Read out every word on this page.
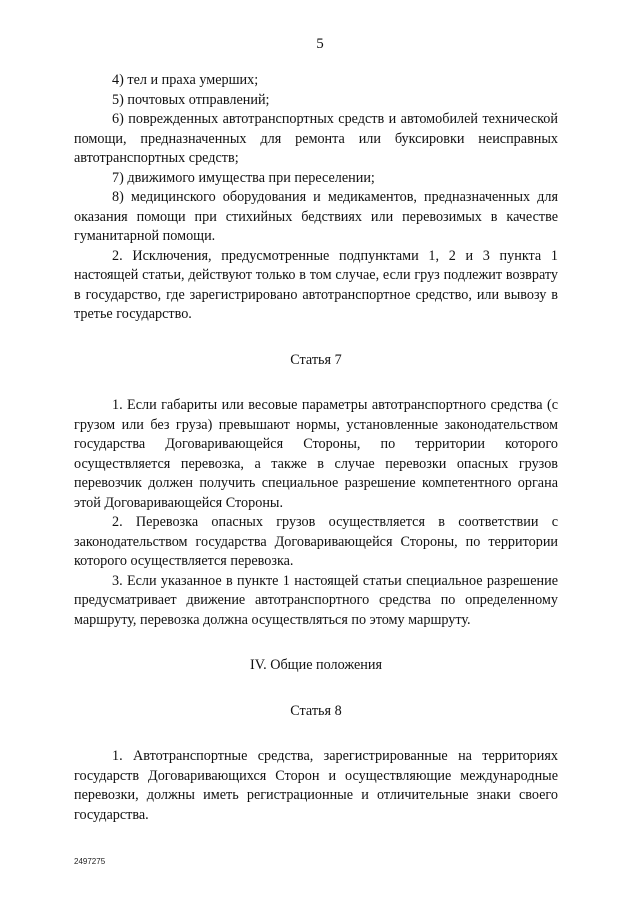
5

4) тел и праха умерших;

5) почтовых отправлений;

6) поврежденных автотранспортных средств и автомобилей технической помощи, предназначенных для ремонта или буксировки неисправных автотранспортных средств;

7) движимого имущества при переселении;

8) медицинского оборудования и медикаментов, предназначенных для оказания помощи при стихийных бедствиях или перевозимых в качестве гуманитарной помощи.

2. Исключения, предусмотренные подпунктами 1, 2 и 3 пункта 1 настоящей статьи, действуют только в том случае, если груз подлежит возврату в государство, где зарегистрировано автотранспортное средство, или вывозу в третье государство.

Статья 7

1. Если габариты или весовые параметры автотранспортного средства (с грузом или без груза) превышают нормы, установленные законодательством государства Договаривающейся Стороны, по территории которого осуществляется перевозка, а также в случае перевозки опасных грузов перевозчик должен получить специальное разрешение компетентного органа этой Договаривающейся Стороны.

2. Перевозка опасных грузов осуществляется в соответствии с законодательством государства Договаривающейся Стороны, по территории которого осуществляется перевозка.

3. Если указанное в пункте 1 настоящей статьи специальное разрешение предусматривает движение автотранспортного средства по определенному маршруту, перевозка должна осуществляться по этому маршруту.

IV. Общие положения

Статья 8

1. Автотранспортные средства, зарегистрированные на территориях государств Договаривающихся Сторон и осуществляющие международные перевозки, должны иметь регистрационные и отличительные знаки своего государства.

2497275
